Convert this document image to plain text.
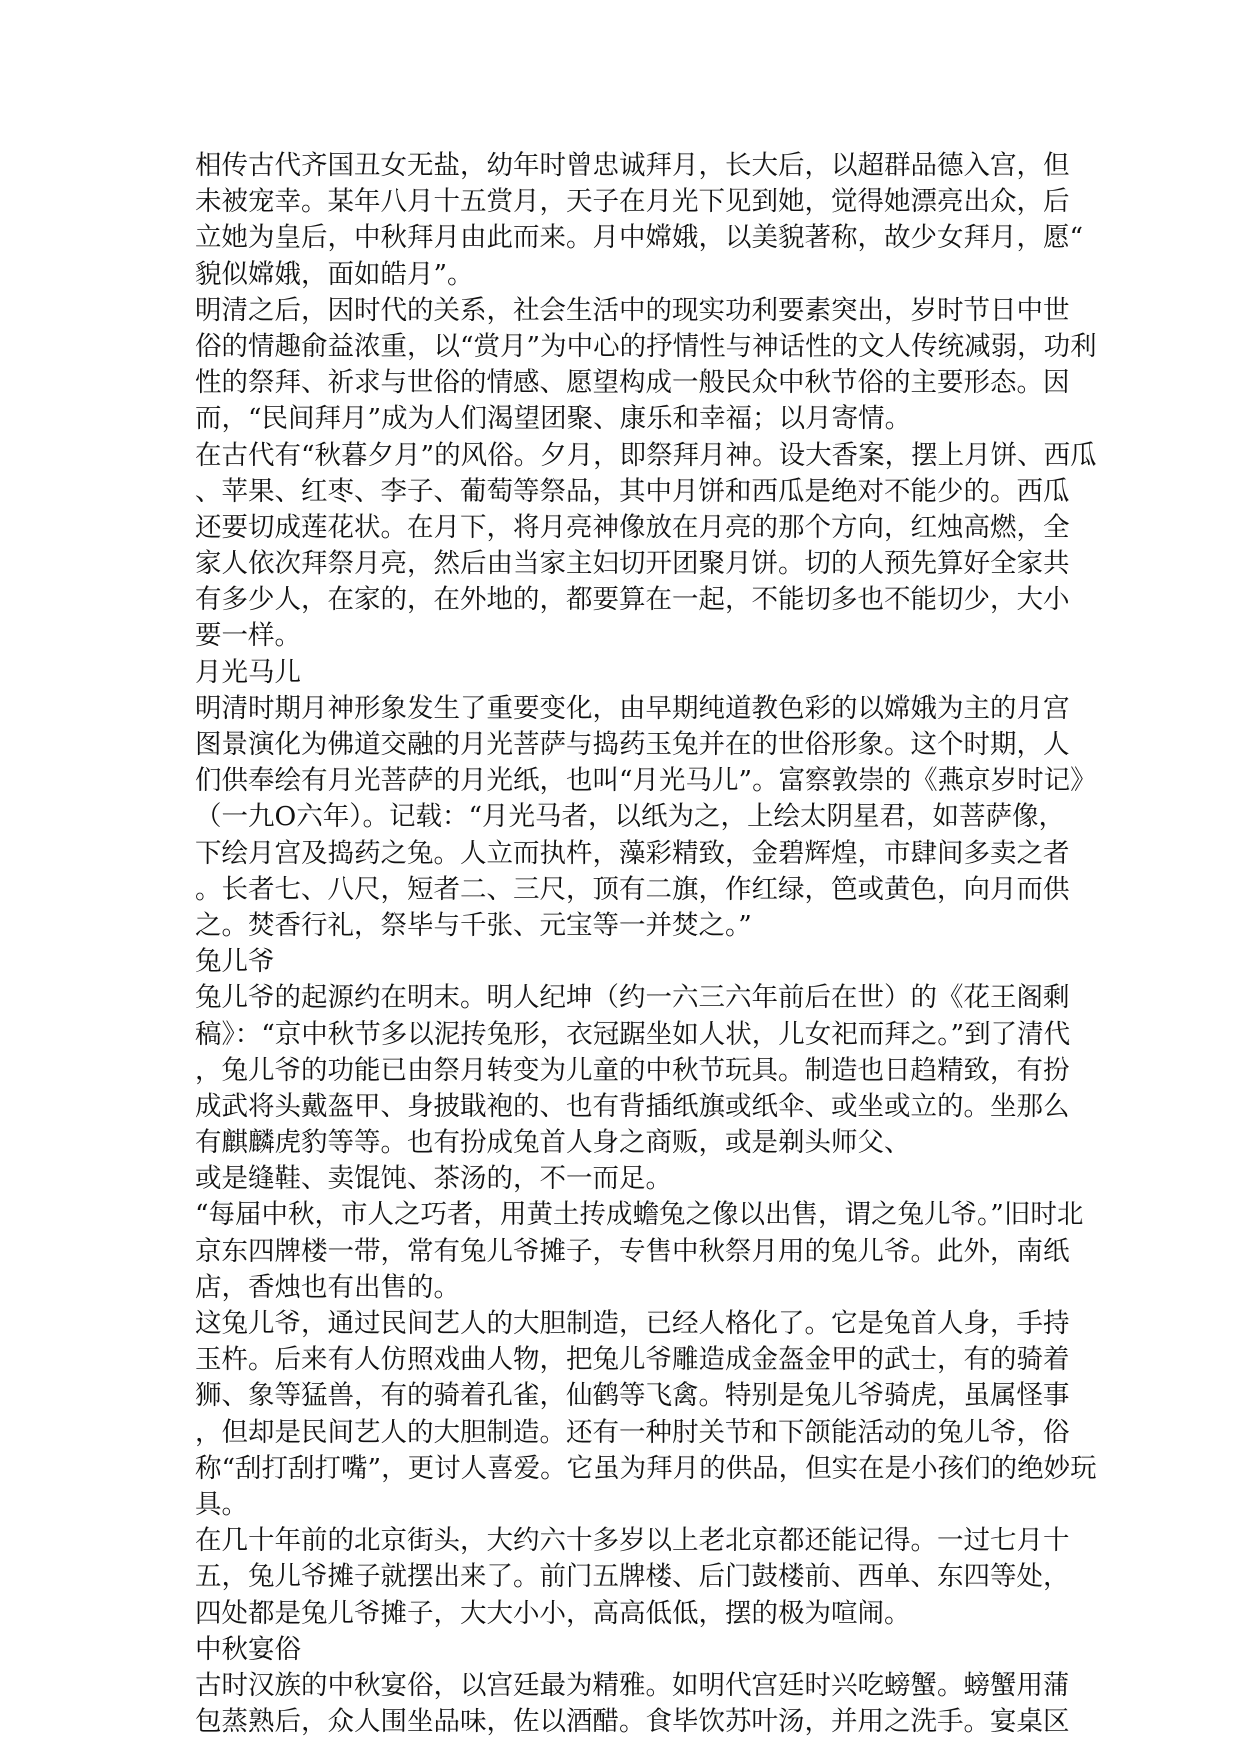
相传古代齐国丑女无盐，幼年时曾忠诚拜月，长大后，以超群品德入宫，但
未被宠幸。某年八月十五赏月，天子在月光下见到她，觉得她漂亮出众，后
立她为皇后，中秋拜月由此而来。月中嫦娥，以美貌著称，故少女拜月，愿“
貌似嫦娥，面如皓月”。
明清之后，因时代的关系，社会生活中的现实功利要素突出，岁时节日中世
俗的情趣俞益浓重，以“赏月”为中心的抒情性与神话性的文人传统减弱，功利
性的祭拜、祈求与世俗的情感、愿望构成一般民众中秋节俗的主要形态。因
而，“民间拜月”成为人们渴望团聚、康乐和幸福；以月寄情。
在古代有“秋暮夕月”的风俗。夕月，即祭拜月神。设大香案，摆上月饼、西瓜
、苹果、红枣、李子、葡萄等祭品，其中月饼和西瓜是绝对不能少的。西瓜
还要切成莲花状。在月下，将月亮神像放在月亮的那个方向，红烛高燃，全
家人依次拜祭月亮，然后由当家主妇切开团聚月饼。切的人预先算好全家共
有多少人，在家的，在外地的，都要算在一起，不能切多也不能切少，大小
要一样。
月光马儿
明清时期月神形象发生了重要变化，由早期纯道教色彩的以嫦娥为主的月宫
图景演化为佛道交融的月光菩萨与捣药玉兔并在的世俗形象。这个时期，人
们供奉绘有月光菩萨的月光纸，也叫“月光马儿”。富察敦崇的《燕京岁时记》
（一九O六年）。记载：“月光马者，以纸为之，上绘太阴星君，如菩萨像，
下绘月宫及捣药之兔。人立而执杵，藻彩精致，金碧辉煌，市肆间多卖之者
。长者七、八尺，短者二、三尺，顶有二旗，作红绿，笆或黄色，向月而供
之。焚香行礼，祭毕与千张、元宝等一并焚之。”
兔儿爷
兔儿爷的起源约在明末。明人纪坤（约一六三六年前后在世）的《花王阁剩
稿》：“京中秋节多以泥抟兔形，衣冠踞坐如人状，儿女祀而拜之。”到了清代
，兔儿爷的功能已由祭月转变为儿童的中秋节玩具。制造也日趋精致，有扮
成武将头戴盔甲、身披戢袍的、也有背插纸旗或纸伞、或坐或立的。坐那么
有麒麟虎豹等等。也有扮成兔首人身之商贩，或是剃头师父、
或是缝鞋、卖馄饨、茶汤的，不一而足。
“每届中秋，市人之巧者，用黄土抟成蟾兔之像以出售，谓之兔儿爷。”旧时北
京东四牌楼一带，常有兔儿爷摊子，专售中秋祭月用的兔儿爷。此外，南纸
店，香烛也有出售的。
这兔儿爷，通过民间艺人的大胆制造，已经人格化了。它是兔首人身，手持
玉杵。后来有人仿照戏曲人物，把兔儿爷雕造成金盔金甲的武士，有的骑着
狮、象等猛兽，有的骑着孔雀，仙鹤等飞禽。特别是兔儿爷骑虎，虽属怪事
，但却是民间艺人的大胆制造。还有一种肘关节和下颌能活动的兔儿爷，俗
称“刮打刮打嘴”，更讨人喜爱。它虽为拜月的供品，但实在是小孩们的绝妙玩
具。
在几十年前的北京街头，大约六十多岁以上老北京都还能记得。一过七月十
五，兔儿爷摊子就摆出来了。前门五牌楼、后门鼓楼前、西单、东四等处，
四处都是兔儿爷摊子，大大小小，高高低低，摆的极为喧闹。
中秋宴俗
古时汉族的中秋宴俗，以宫廷最为精雅。如明代宫廷时兴吃螃蟹。螃蟹用蒲
包蒸熟后，众人围坐品味，佐以酒醋。食毕饮苏叶汤，并用之洗手。宴桌区
